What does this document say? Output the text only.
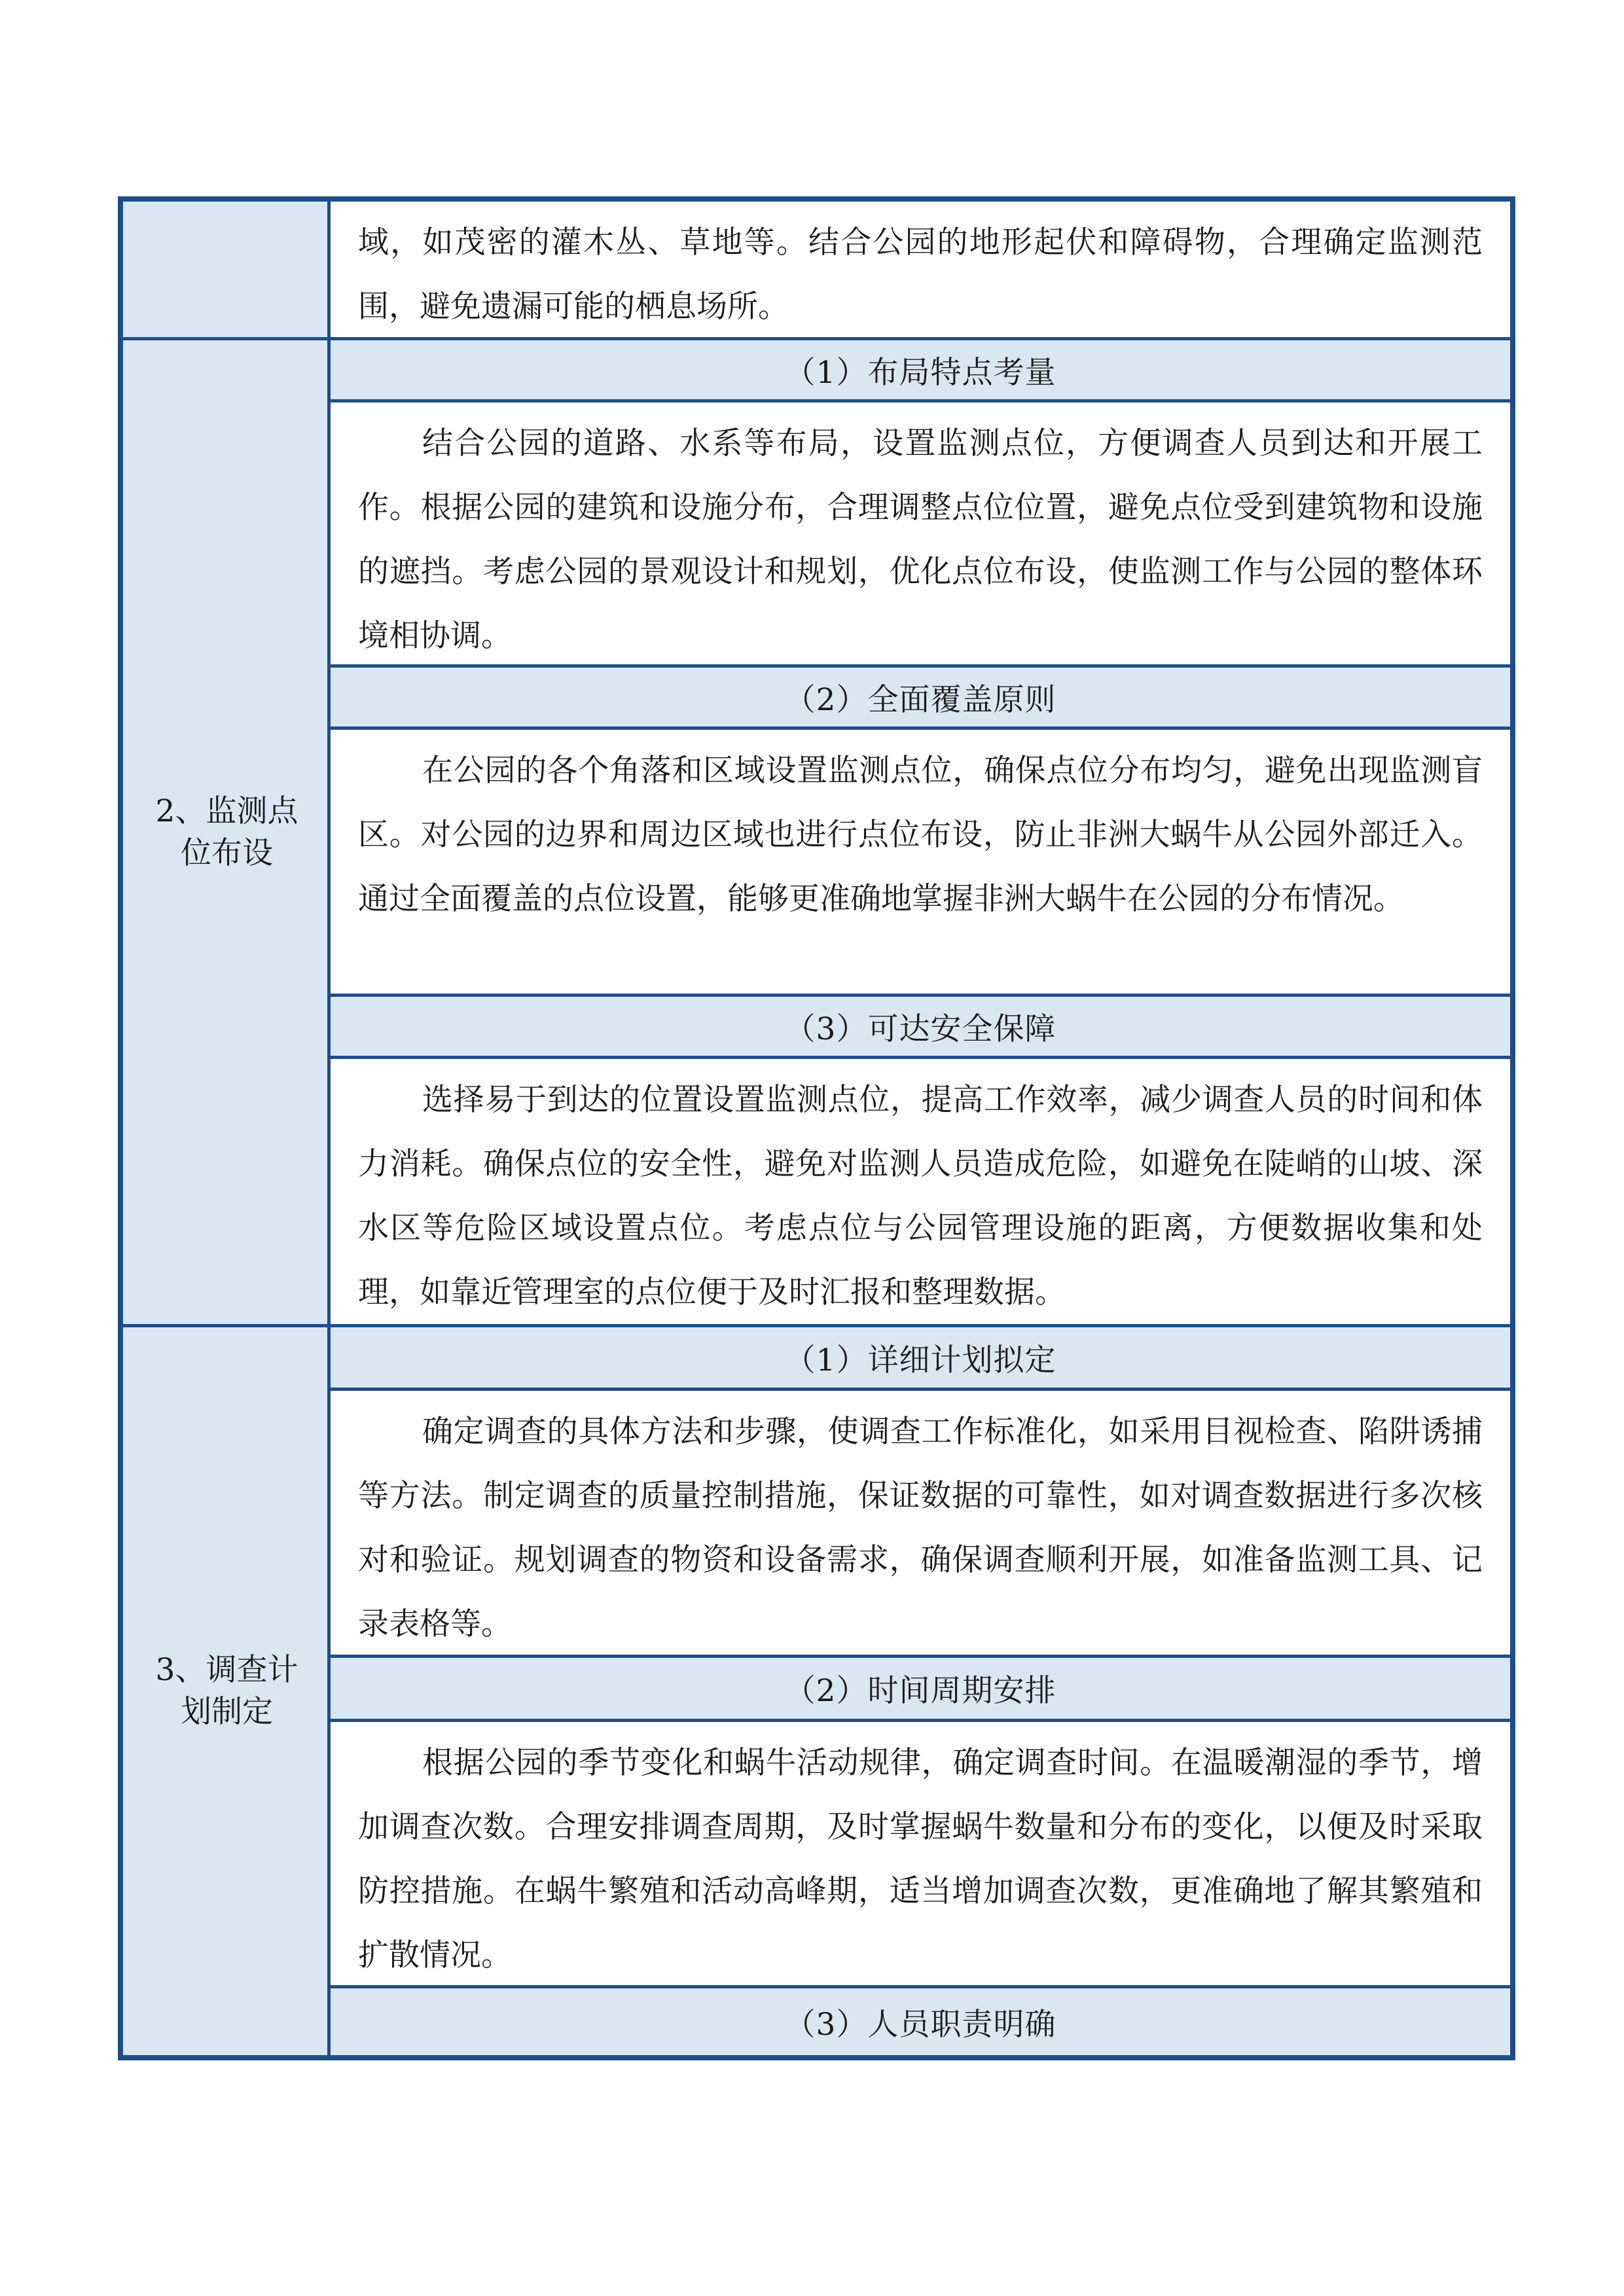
域，如茂密的灌木丛、草地等。结合公园的地形起伏和障碍物，合理确定监测范围，避免遗漏可能的栖息场所。
2、监测点位布设
（1）布局特点考量
结合公园的道路、水系等布局，设置监测点位，方便调查人员到达和开展工作。根据公园的建筑和设施分布，合理调整点位位置，避免点位受到建筑物和设施的遮挡。考虑公园的景观设计和规划，优化点位布设，使监测工作与公园的整体环境相协调。
（2）全面覆盖原则
在公园的各个角落和区域设置监测点位，确保点位分布均匀，避免出现监测盲区。对公园的边界和周边区域也进行点位布设，防止非洲大蜗牛从公园外部迁入。通过全面覆盖的点位设置，能够更准确地掌握非洲大蜗牛在公园的分布情况。
（3）可达安全保障
选择易于到达的位置设置监测点位，提高工作效率，减少调查人员的时间和体力消耗。确保点位的安全性，避免对监测人员造成危险，如避免在陡峭的山坡、深水区等危险区域设置点位。考虑点位与公园管理设施的距离，方便数据收集和处理，如靠近管理室的点位便于及时汇报和整理数据。
3、调查计划制定
（1）详细计划拟定
确定调查的具体方法和步骤，使调查工作标准化，如采用目视检查、陷阱诱捕等方法。制定调查的质量控制措施，保证数据的可靠性，如对调查数据进行多次核对和验证。规划调查的物资和设备需求，确保调查顺利开展，如准备监测工具、记录表格等。
（2）时间周期安排
根据公园的季节变化和蜗牛活动规律，确定调查时间。在温暖潮湿的季节，增加调查次数。合理安排调查周期，及时掌握蜗牛数量和分布的变化，以便及时采取防控措施。在蜗牛繁殖和活动高峰期，适当增加调查次数，更准确地了解其繁殖和扩散情况。
（3）人员职责明确
